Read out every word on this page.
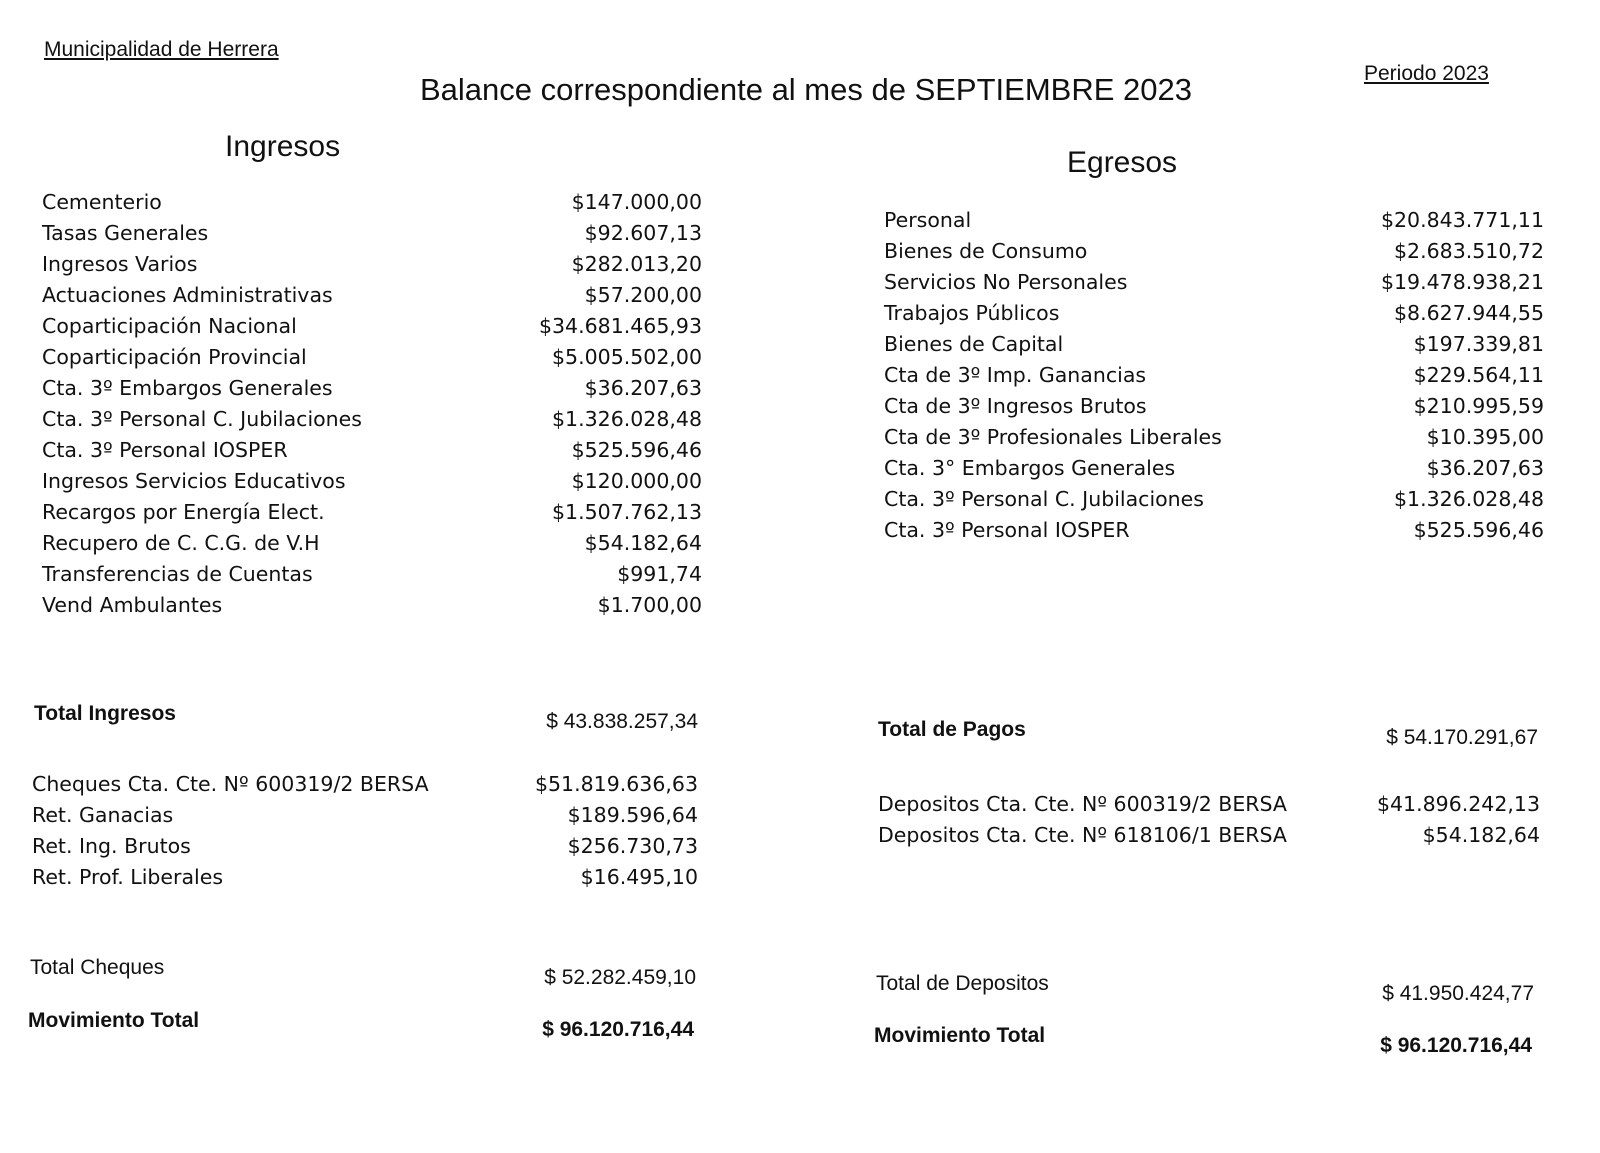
Municipalidad de Herrera
Balance correspondiente al mes de SEPTIEMBRE 2023	Periodo 2023
Ingresos	Egresos
Cementerio	$147.000,00
Tasas Generales	$92.607,13
Ingresos Varios	$282.013,20
Actuaciones Administrativas	$57.200,00
Coparticipación Nacional	$34.681.465,93
Coparticipación Provincial	$5.005.502,00
Cta. 3º Embargos Generales	$36.207,63
Cta. 3º Personal C. Jubilaciones	$1.326.028,48
Cta. 3º Personal IOSPER	$525.596,46
Ingresos Servicios Educativos	$120.000,00
Recargos por Energía Elect.	$1.507.762,13
Recupero de C. C.G. de V.H	$54.182,64
Transferencias de Cuentas	$991,74
Vend Ambulantes	$1.700,00
Personal	$20.843.771,11
Bienes de Consumo	$2.683.510,72
Servicios No Personales	$19.478.938,21
Trabajos Públicos	$8.627.944,55
Bienes de Capital	$197.339,81
Cta de 3º Imp. Ganancias	$229.564,11
Cta de 3º Ingresos Brutos	$210.995,59
Cta de 3º Profesionales Liberales	$10.395,00
Cta. 3° Embargos Generales	$36.207,63
Cta. 3º Personal C. Jubilaciones	$1.326.028,48
Cta. 3º Personal IOSPER	$525.596,46
Total Ingresos	$ 43.838.257,34
Cheques Cta. Cte. Nº 600319/2 BERSA	$51.819.636,63
Ret. Ganacias	$189.596,64
Ret. Ing. Brutos	$256.730,73
Ret. Prof. Liberales	$16.495,10
Total Cheques	$ 52.282.459,10
Movimiento Total	$ 96.120.716,44
Total de Pagos	$ 54.170.291,67
Depositos Cta. Cte. Nº 600319/2 BERSA	$41.896.242,13
Depositos Cta. Cte. Nº 618106/1 BERSA	$54.182,64
Total de Depositos	$ 41.950.424,77
Movimiento Total	$ 96.120.716,44
